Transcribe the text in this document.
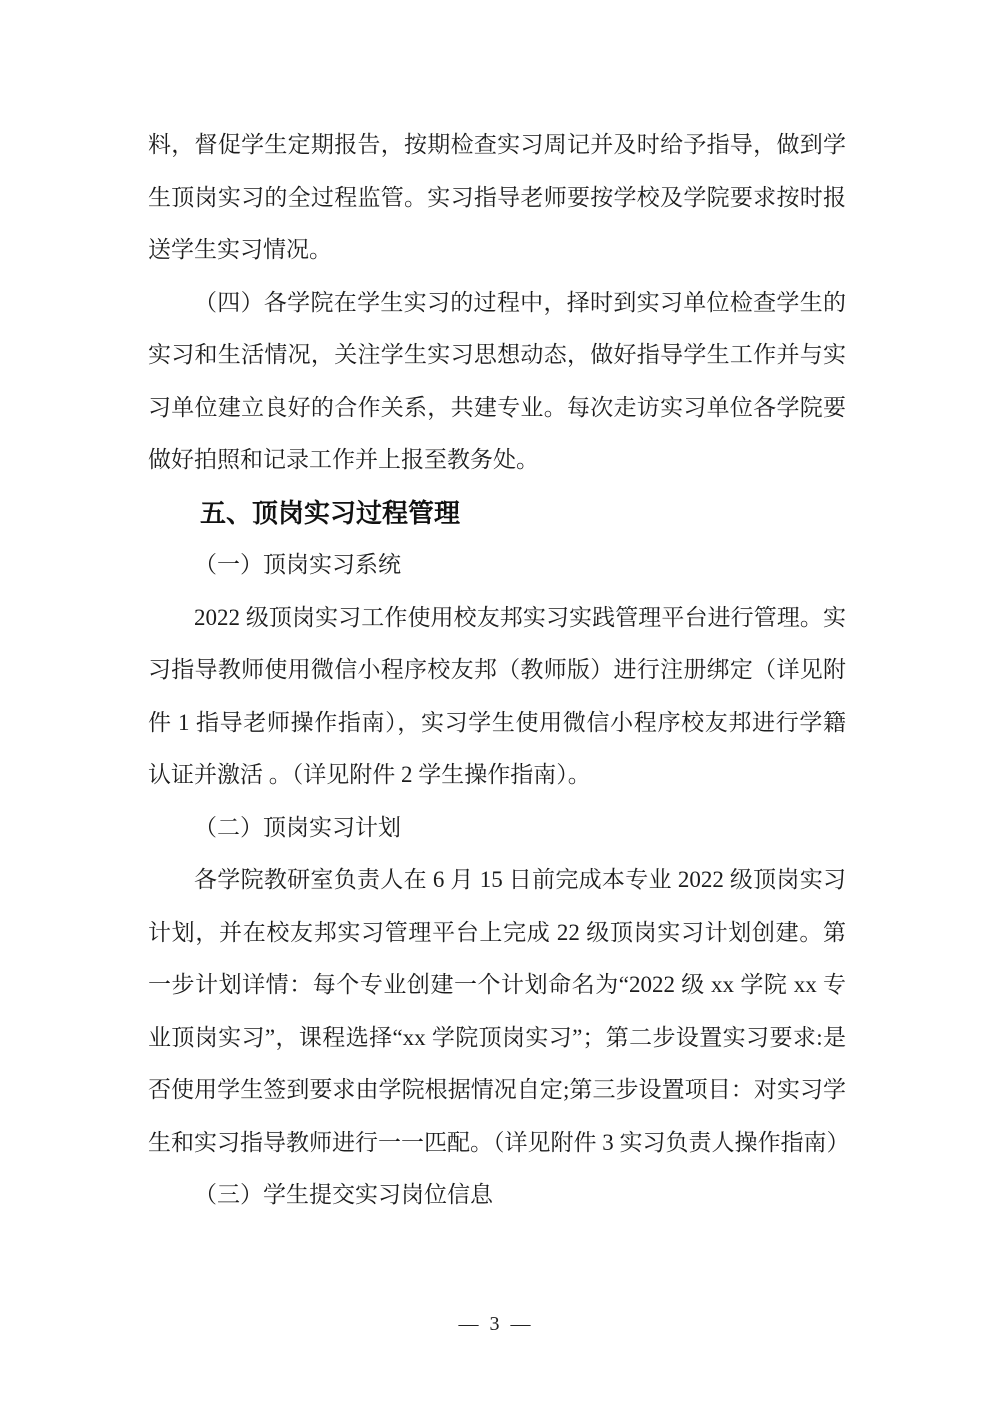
料，督促学生定期报告，按期检查实习周记并及时给予指导，做到学生顶岗实习的全过程监管。实习指导老师要按学校及学院要求按时报送学生实习情况。

（四）各学院在学生实习的过程中，择时到实习单位检查学生的实习和生活情况，关注学生实习思想动态，做好指导学生工作并与实习单位建立良好的合作关系，共建专业。每次走访实习单位各学院要做好拍照和记录工作并上报至教务处。

五、顶岗实习过程管理

（一）顶岗实习系统

2022 级顶岗实习工作使用校友邦实习实践管理平台进行管理。实习指导教师使用微信小程序校友邦（教师版）进行注册绑定（详见附件 1 指导老师操作指南），实习学生使用微信小程序校友邦进行学籍认证并激活 。（详见附件 2 学生操作指南）。

（二）顶岗实习计划

各学院教研室负责人在 6 月 15 日前完成本专业 2022 级顶岗实习计划，并在校友邦实习管理平台上完成 22 级顶岗实习计划创建。第一步计划详情：每个专业创建一个计划命名为“2022 级 xx 学院 xx 专业顶岗实习”，课程选择“xx 学院顶岗实习”；第二步设置实习要求:是否使用学生签到要求由学院根据情况自定;第三步设置项目：对实习学生和实习指导教师进行一一匹配。（详见附件 3 实习负责人操作指南）

（三）学生提交实习岗位信息

— 3 —
